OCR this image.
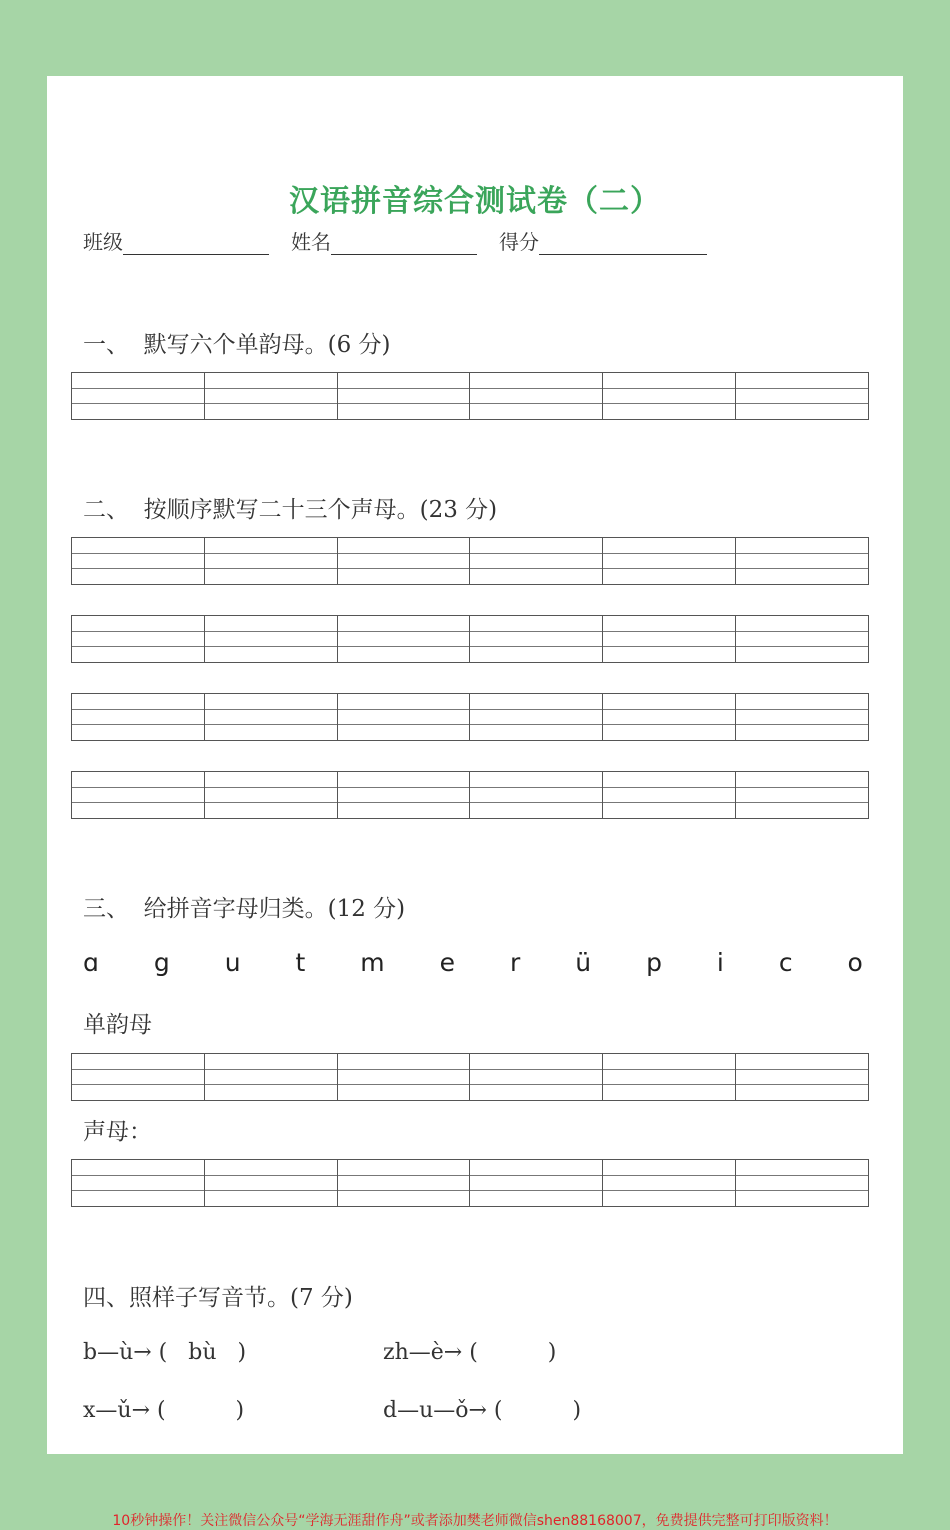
汉语拼音综合测试卷（二）
班级	姓名	得分
一、  默写六个单韵母。(6 分)
二、  按顺序默写二十三个声母。(23 分)
三、  给拼音字母归类。(12 分)
ɑ g u t m e r ü p i c o
单韵母
声母：
四、照样子写音节。(7 分)
b—ù→ (   bù   )	zh—è→ (          )
x—ǔ→ (          )	d—u—ǒ→ (          )
10秒钟操作！关注微信公众号“学海无涯甜作舟”或者添加樊老师微信shen88168007，免费提供完整可打印版资料！
